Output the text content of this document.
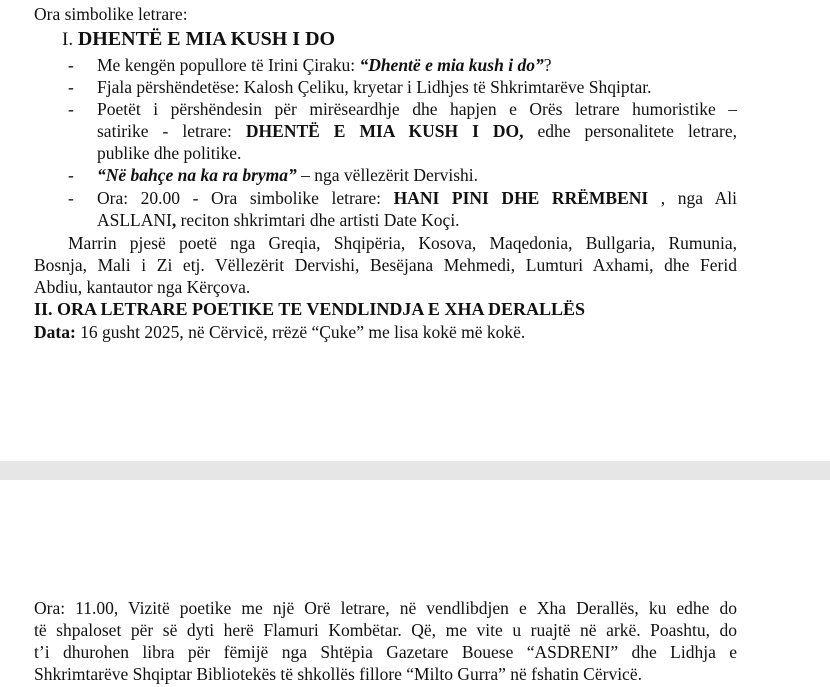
Ora simbolike letrare:
I. DHENTË E MIA KUSH I DO
- Me kengën popullore të Irini Çiraku: “Dhentë e mia kush i do”?
- Fjala përshëndetëse: Kalosh Çeliku, kryetar i Lidhjes të Shkrimtarëve Shqiptar.
- Poetët i përshëndesin për mirëseardhje dhe hapjen e Orës letrare humoristike –
satirike - letrare: DHENTË E MIA KUSH I DO, edhe personalitete letrare,
publike dhe politike.
- “Në bahçe na ka ra bryma” – nga vëllezërit Dervishi.
- Ora: 20.00 - Ora simbolike letrare: HANI PINI DHE RRËMBENI , nga Ali
ASLLANI, reciton shkrimtari dhe artisti Date Koçi.
Marrin pjesë poetë nga Greqia, Shqipëria, Kosova, Maqedonia, Bullgaria, Rumunia,
Bosnja, Mali i Zi etj. Vëllezërit Dervishi, Besëjana Mehmedi, Lumturi Axhami, dhe Ferid
Abdiu, kantautor nga Kërçova.
II. ORA LETRARE POETIKE TE VENDLINDJA E XHA DERALLËS
Data: 16 gusht 2025, në Cërvicë, rrëzë “Çuke” me lisa kokë më kokë.
Ora: 11.00, Vizitë poetike me një Orë letrare, në vendlibdjen e Xha Derallës, ku edhe do
të shpaloset për së dyti herë Flamuri Kombëtar. Që, me vite u ruajtë në arkë. Poashtu, do
t’i dhurohen libra për fëmijë nga Shtëpia Gazetare Bouese “ASDRENI” dhe Lidhja e
Shkrimtarëve Shqiptar Bibliotekës të shkollës fillore “Milto Gurra” në fshatin Cërvicë.
